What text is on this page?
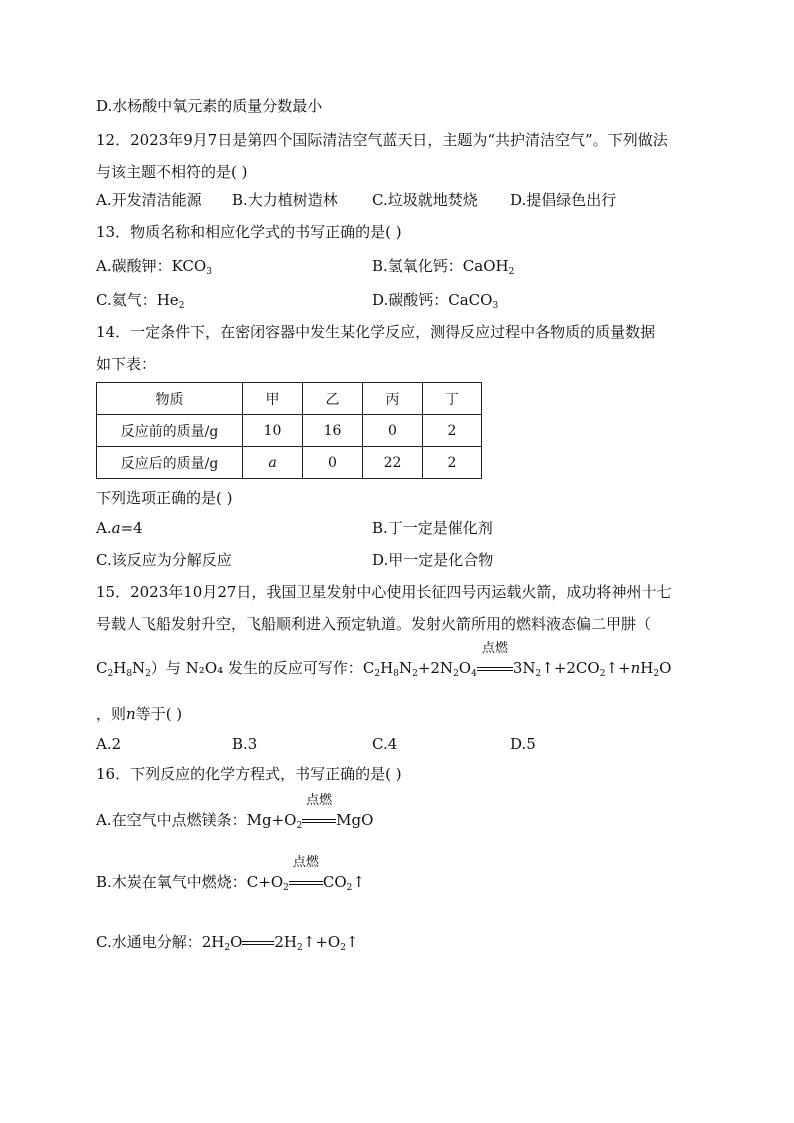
D.水杨酸中氧元素的质量分数最小
12．2023年9月7日是第四个国际清洁空气蓝天日，主题为“共护清洁空气”。下列做法
与该主题不相符的是( )
A.开发清洁能源 B.大力植树造林 C.垃圾就地焚烧 D.提倡绿色出行
13．物质名称和相应化学式的书写正确的是( )
A.碳酸钾：$KCO_3$	B.氢氧化钙：CaOH$_2$
C.氦气：$He_2$	D.碳酸钙：CaCO$_3$
14．一定条件下，在密闭容器中发生某化学反应，测得反应过程中各物质的质量数据
如下表：
物质	甲	乙	丙	丁
反应前的质量/g	10	16	0	2
反应后的质量/g	a	0	22	2
下列选项正确的是( )
A.a=4	B.丁一定是催化剂
C.该反应为分解反应	D.甲一定是化合物
15．2023年10月27日，我国卫星发射中心使用长征四号丙运载火箭，成功将神州十七
号载人飞船发射升空，飞船顺利进入预定轨道。发射火箭所用的燃料液态偏二甲肼（
$C_2H_8N_2$）与 N₂O₄ 发生的反应可写作：$C_2H_8N_2+2N_2O_4$
点燃
$3N_2↑+2CO_2↑+nH_2O$
，则n等于( )
A.2	B.3	C.4	D.5
16．下列反应的化学方程式，书写正确的是( )
A.在空气中点燃镁条：$Mg+O_2$
点燃
MgO
B.木炭在氧气中燃烧：$C+O_2$
点燃
$CO_2↑$
C.水通电分解：$2H_2O$ $2H_2↑+O_2↑$
